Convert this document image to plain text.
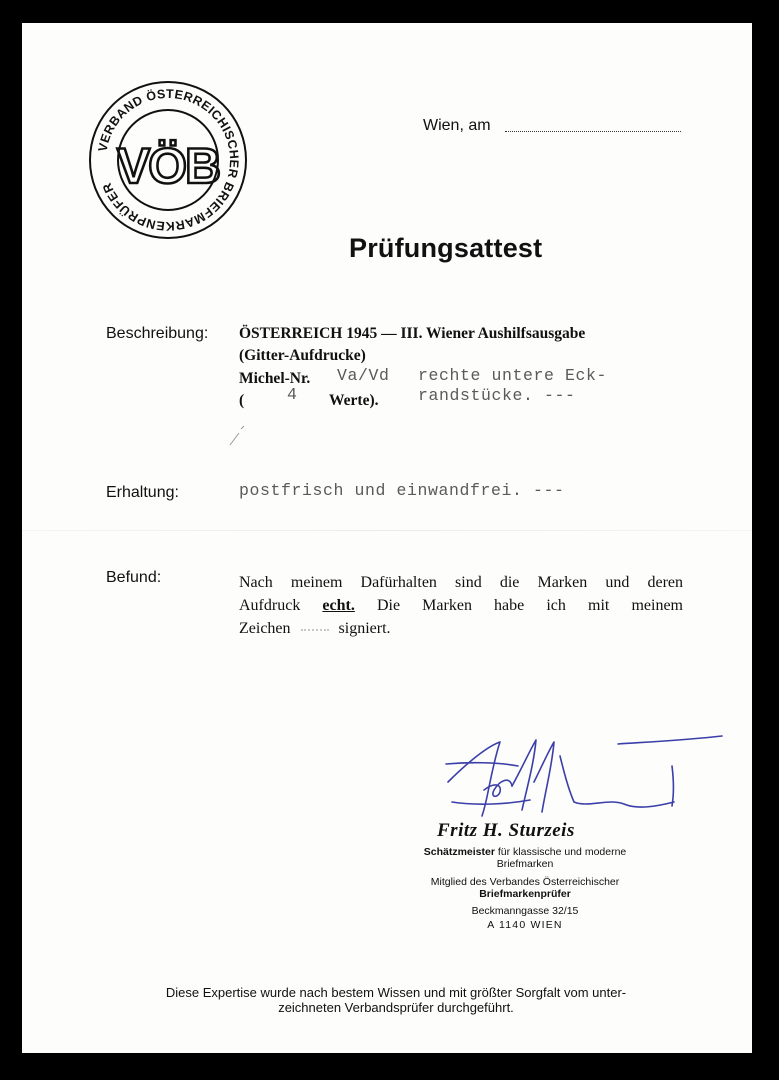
VERBAND ÖSTERREICHISCHER BRIEFMARKENPRÜFER VÖB
Wien, am
Prüfungsattest
Beschreibung:
Erhaltung:
Befund:
ÖSTERREICH 1945 — III. Wiener Aushilfsausgabe
(Gitter-Aufdrucke)
Michel-Nr.
(	Werte).
Va/Vd rechte untere Eck-
randstücke. ---
4
postfrisch und einwandfrei. ---
Nach meinem Dafürhalten sind die Marken und deren
Aufdruck echt. Die Marken habe ich mit meinem
Zeichen	signiert.
Fritz H. Sturzeis
Schätzmeister für klassische und moderne
Briefmarken
Mitglied des Verbandes Österreichischer
Briefmarkenprüfer
Beckmanngasse 32/15
A 1140 WIEN
Diese Expertise wurde nach bestem Wissen und mit größter Sorgfalt vom unter-
zeichneten Verbandsprüfer durchgeführt.
